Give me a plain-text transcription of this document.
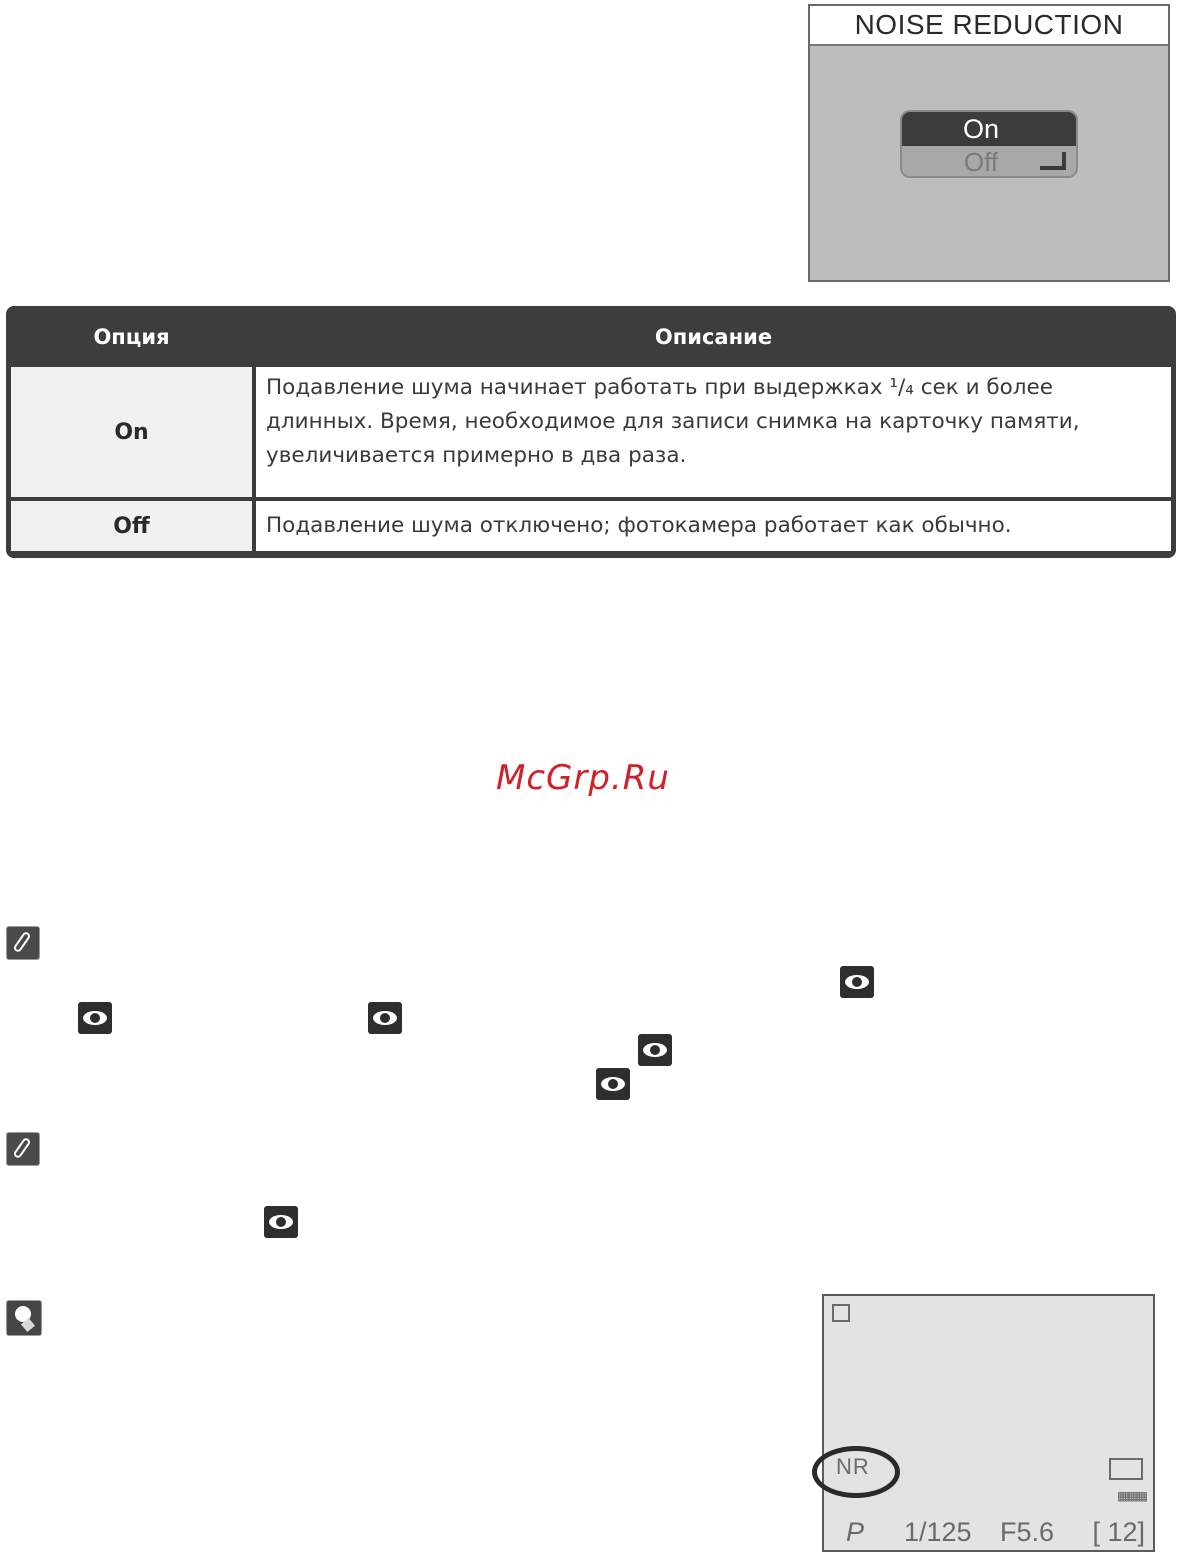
NOISE REDUCTION
On
Off
Опция	Описание
On
Подавление шума начинает работать при выдержках ¹/₄ сек и более длинных. Время, необходимое для записи снимка на карточку памяти, увеличивается примерно в два раза.
Off	Подавление шума отключено; фотокамера работает как обычно.
McGrp.Ru
NR
▦▦▦
P 1/125 F5.6 [ 12]
